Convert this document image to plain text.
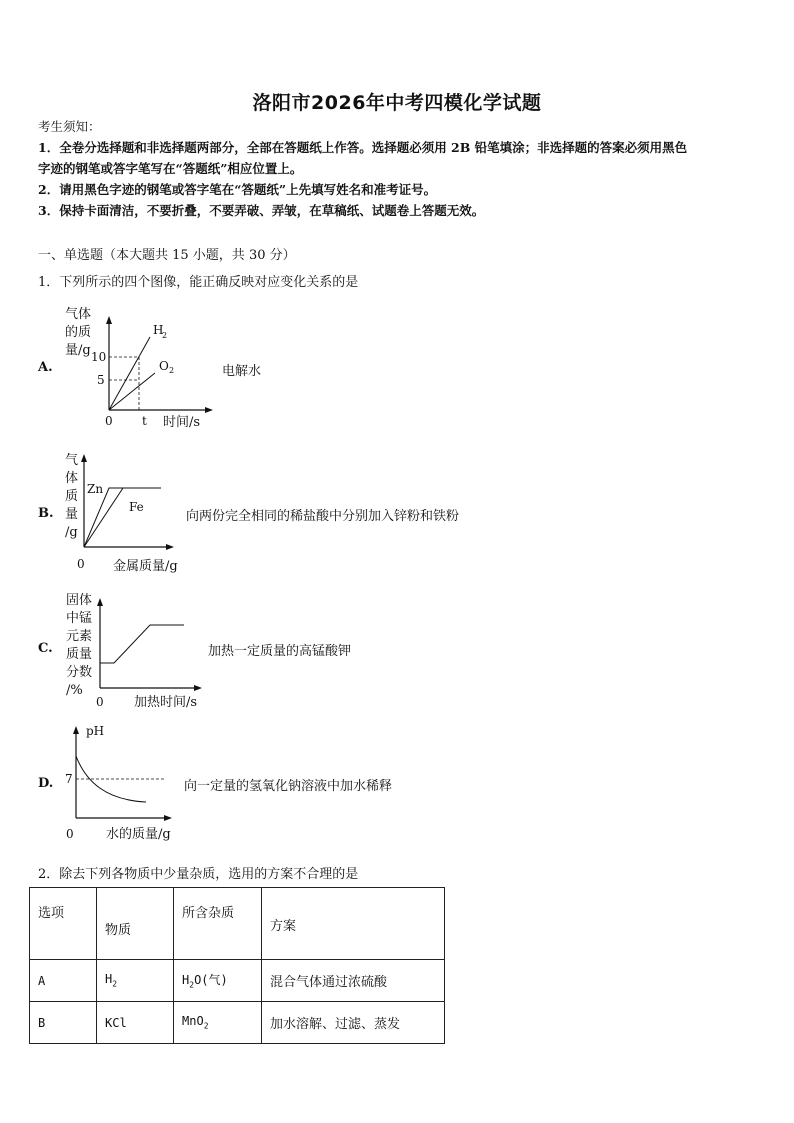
洛阳市2026年中考四模化学试题
考生须知：
1．全卷分选择题和非选择题两部分，全部在答题纸上作答。选择题必须用 2B 铅笔填涂；非选择题的答案必须用黑色
字迹的钢笔或答字笔写在“答题纸”相应位置上。
2．请用黑色字迹的钢笔或答字笔在“答题纸”上先填写姓名和准考证号。
3．保持卡面清洁，不要折叠，不要弄破、弄皱，在草稿纸、试题卷上答题无效。
一、单选题（本大题共 15 小题，共 30 分）
1．下列所示的四个图像，能正确反映对应变化关系的是
A.
气体
的质
量/g 10
5
H
2
O 2
0 t 时间/s
电解水
B.
气
体
质
量
/g
Zn
Fe
0 金属质量/g
向两份完全相同的稀盐酸中分别加入锌粉和铁粉
C.
固体
中锰
元素
质量
分数
/%
0 加热时间/s
加热一定质量的高锰酸钾
D.
pH
7
0 水的质量/g
向一定量的氢氧化钠溶液中加水稀释
2．除去下列各物质中少量杂质，选用的方案不合理的是
选项	物质	所含杂质	方案
A	$H_2$	$H_2O$(气)	混合气体通过浓硫酸
B	KCl	MnO$_2$	加水溶解、过滤、蒸发
